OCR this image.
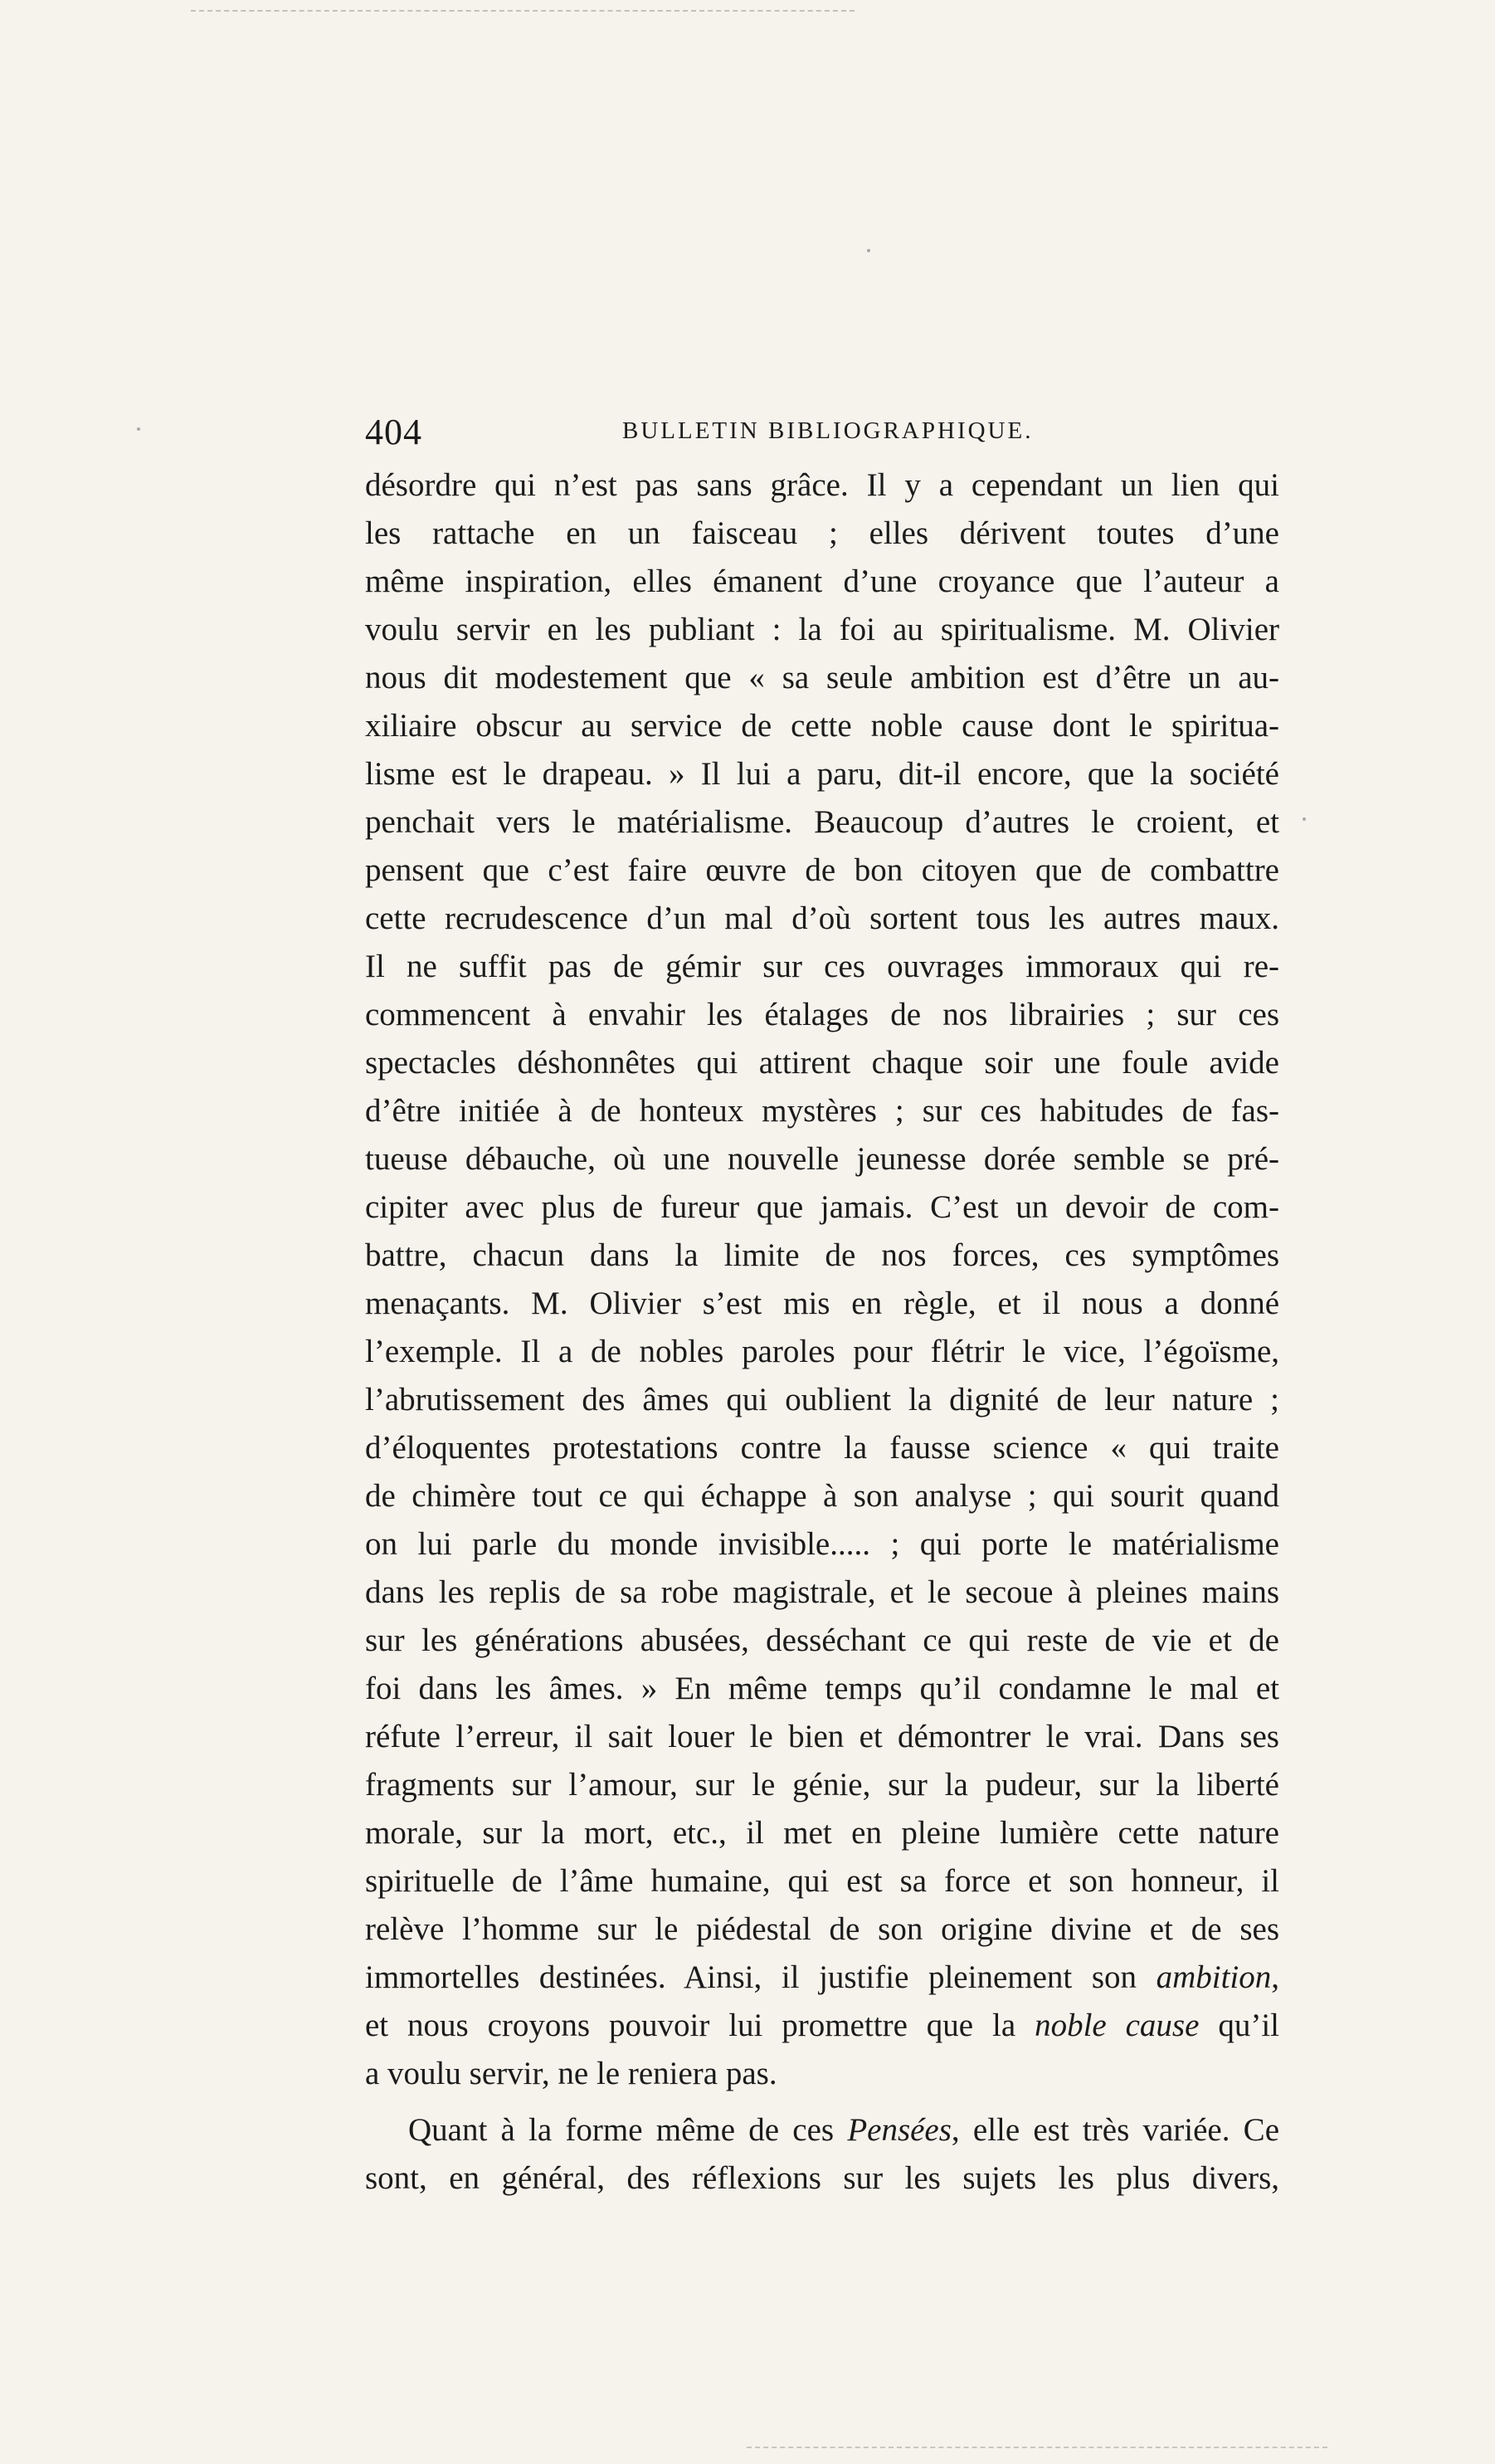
404	BULLETIN BIBLIOGRAPHIQUE.
désordre qui n’est pas sans grâce. Il y a cependant un lien qui
les rattache en un faisceau ; elles dérivent toutes d’une
même inspiration, elles émanent d’une croyance que l’auteur a
voulu servir en les publiant : la foi au spiritualisme. M. Olivier
nous dit modestement que « sa seule ambition est d’être un au-
xiliaire obscur au service de cette noble cause dont le spiritua-
lisme est le drapeau. » Il lui a paru, dit-il encore, que la société
penchait vers le matérialisme. Beaucoup d’autres le croient, et
pensent que c’est faire œuvre de bon citoyen que de combattre
cette recrudescence d’un mal d’où sortent tous les autres maux.
Il ne suffit pas de gémir sur ces ouvrages immoraux qui re-
commencent à envahir les étalages de nos librairies ; sur ces
spectacles déshonnêtes qui attirent chaque soir une foule avide
d’être initiée à de honteux mystères ; sur ces habitudes de fas-
tueuse débauche, où une nouvelle jeunesse dorée semble se pré-
cipiter avec plus de fureur que jamais. C’est un devoir de com-
battre, chacun dans la limite de nos forces, ces symptômes
menaçants. M. Olivier s’est mis en règle, et il nous a donné
l’exemple. Il a de nobles paroles pour flétrir le vice, l’égoïsme,
l’abrutissement des âmes qui oublient la dignité de leur nature ;
d’éloquentes protestations contre la fausse science « qui traite
de chimère tout ce qui échappe à son analyse ; qui sourit quand
on lui parle du monde invisible..... ; qui porte le matérialisme
dans les replis de sa robe magistrale, et le secoue à pleines mains
sur les générations abusées, desséchant ce qui reste de vie et de
foi dans les âmes. » En même temps qu’il condamne le mal et
réfute l’erreur, il sait louer le bien et démontrer le vrai. Dans ses
fragments sur l’amour, sur le génie, sur la pudeur, sur la liberté
morale, sur la mort, etc., il met en pleine lumière cette nature
spirituelle de l’âme humaine, qui est sa force et son honneur, il
relève l’homme sur le piédestal de son origine divine et de ses
immortelles destinées. Ainsi, il justifie pleinement son ambition,
et nous croyons pouvoir lui promettre que la noble cause qu’il
a voulu servir, ne le reniera pas.
Quant à la forme même de ces Pensées, elle est très variée. Ce
sont, en général, des réflexions sur les sujets les plus divers,
